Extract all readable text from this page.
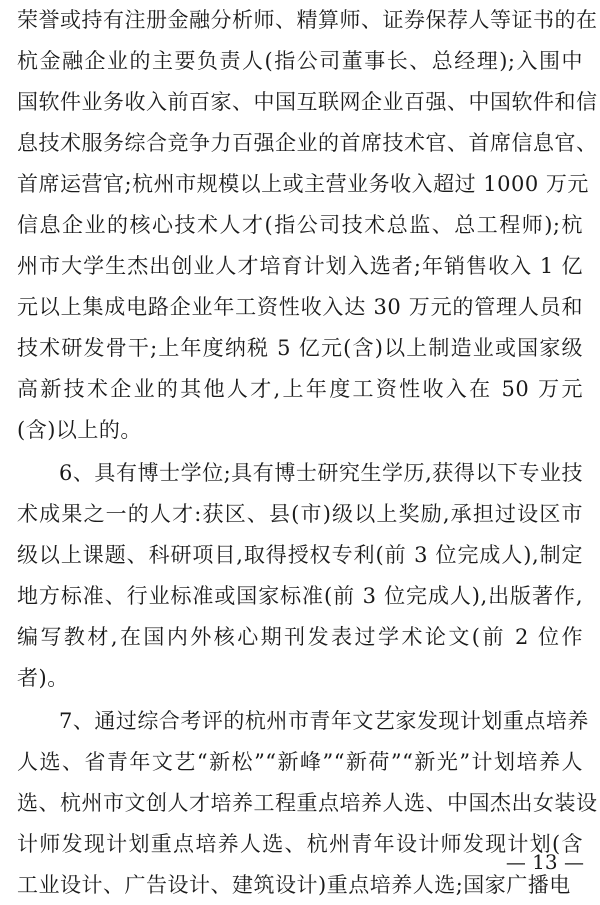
荣誉或持有注册金融分析师、精算师、证券保荐人等证书的在
杭金融企业的主要负责人(指公司董事长、总经理);入围中
国软件业务收入前百家、中国互联网企业百强、中国软件和信
息技术服务综合竞争力百强企业的首席技术官、首席信息官、
首席运营官;杭州市规模以上或主营业务收入超过 1000 万元
信息企业的核心技术人才(指公司技术总监、总工程师);杭
州市大学生杰出创业人才培育计划入选者;年销售收入 1 亿
元以上集成电路企业年工资性收入达 30 万元的管理人员和
技术研发骨干;上年度纳税 5 亿元(含)以上制造业或国家级
高新技术企业的其他人才,上年度工资性收入在 50 万元
(含)以上的。
6、具有博士学位;具有博士研究生学历,获得以下专业技
术成果之一的人才:获区、县(市)级以上奖励,承担过设区市
级以上课题、科研项目,取得授权专利(前 3 位完成人),制定
地方标准、行业标准或国家标准(前 3 位完成人),出版著作,
编写教材,在国内外核心期刊发表过学术论文(前 2 位作
者)。
7、通过综合考评的杭州市青年文艺家发现计划重点培养
人选、省青年文艺“新松”“新峰”“新荷”“新光”计划培养人
选、杭州市文创人才培养工程重点培养人选、中国杰出女装设
计师发现计划重点培养人选、杭州青年设计师发现计划(含
工业设计、广告设计、建筑设计)重点培养人选;国家广播电
— 13 —
